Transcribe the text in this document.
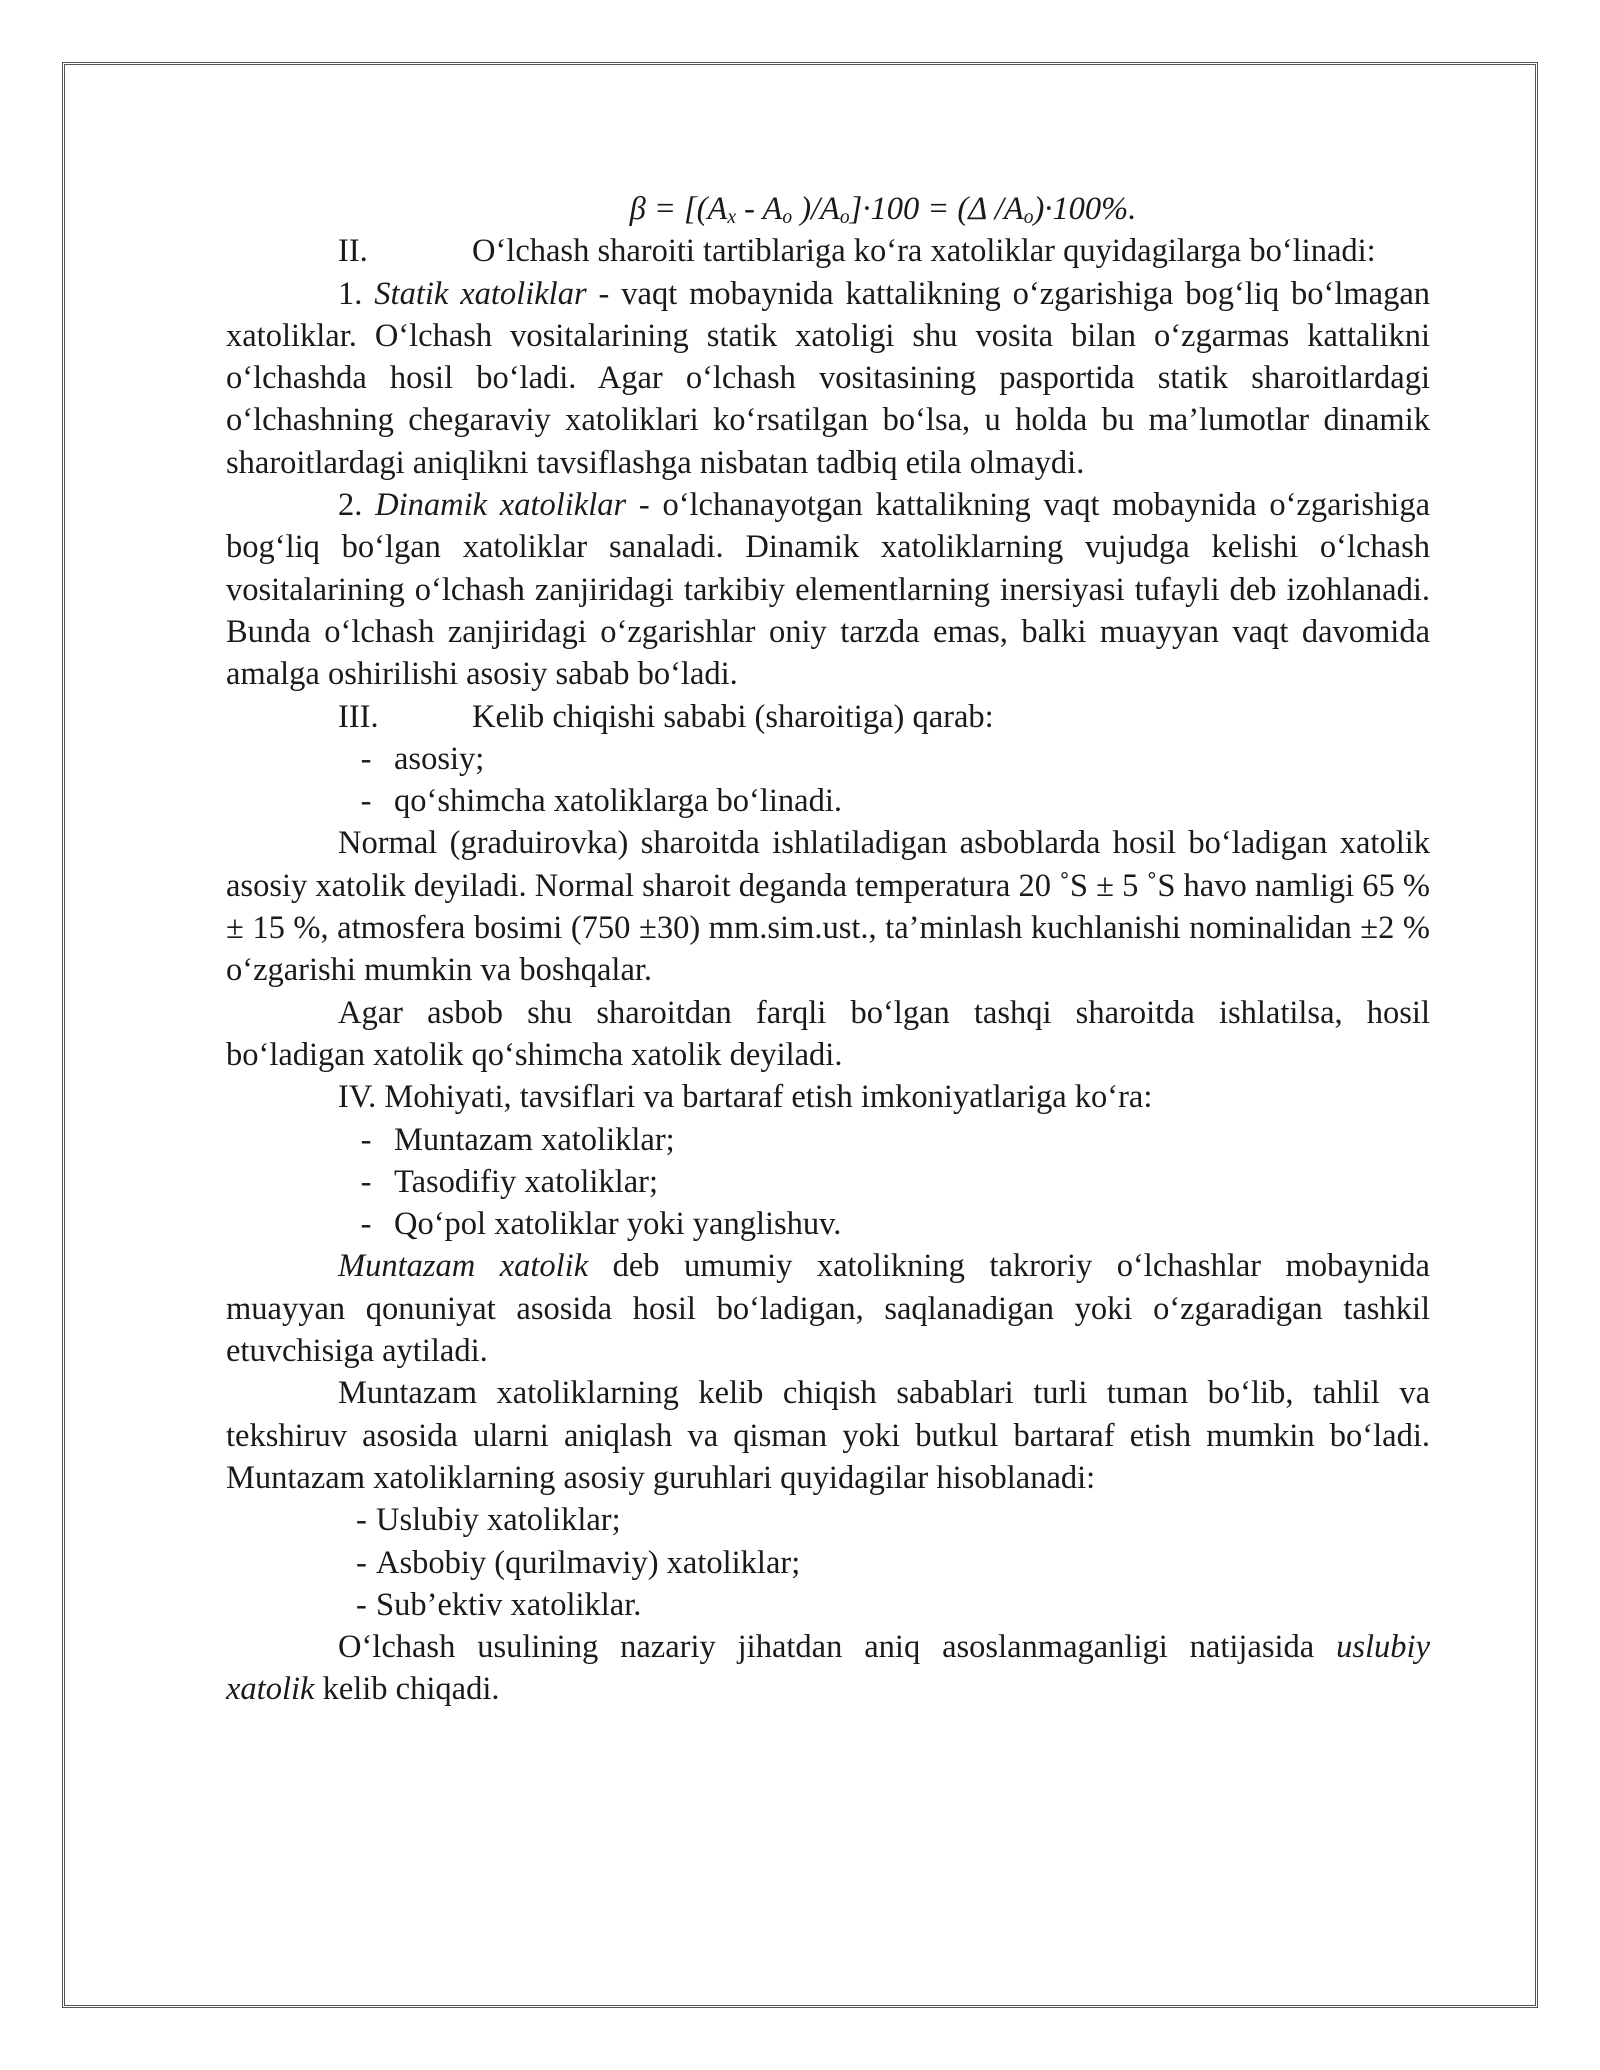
$\beta = [(A_x - A_o$ )$/A_o]\cdot 100 = (\Delta$ $/A_o)\cdot 100\%$.

II.	O‘lchash sharoiti tartiblariga ko‘ra xatoliklar quyidagilarga bo‘linadi:

1. Statik xatoliklar - vaqt mobaynida kattalikning o‘zgarishiga bog‘liq bo‘lmagan xatoliklar. O‘lchash vositalarining statik xatoligi shu vosita bilan o‘zgarmas kattalikni o‘lchashda hosil bo‘ladi. Agar o‘lchash vositasining pasportida statik sharoitlardagi o‘lchashning chegaraviy xatoliklari ko‘rsatilgan bo‘lsa, u holda bu ma’lumotlar dinamik sharoitlardagi aniqlikni tavsiflashga nisbatan tadbiq etila olmaydi.

2. Dinamik xatoliklar - o‘lchanayotgan kattalikning vaqt mobaynida o‘zgarishiga bog‘liq bo‘lgan xatoliklar sanaladi. Dinamik xatoliklarning vujudga kelishi o‘lchash vositalarining o‘lchash zanjiridagi tarkibiy elementlarning inersiyasi tufayli deb izohlanadi. Bunda o‘lchash zanjiridagi o‘zgarishlar oniy tarzda emas, balki muayyan vaqt davomida amalga oshirilishi asosiy sabab bo‘ladi.

III.	Kelib chiqishi sababi (sharoitiga) qarab:

- asosiy;

- qo‘shimcha xatoliklarga bo‘linadi.

Normal (graduirovka) sharoitda ishlatiladigan asboblarda hosil bo‘ladigan xatolik asosiy xatolik deyiladi. Normal sharoit deganda temperatura 20 ˚S ± 5 ˚S havo namligi 65 % ± 15 %, atmosfera bosimi (750 ±30) mm.sim.ust., ta’minlash kuchlanishi nominalidan ±2 % o‘zgarishi mumkin va boshqalar.

Agar asbob shu sharoitdan farqli bo‘lgan tashqi sharoitda ishlatilsa, hosil bo‘ladigan xatolik qo‘shimcha xatolik deyiladi.

IV. Mohiyati, tavsiflari va bartaraf etish imkoniyatlariga ko‘ra:

- Muntazam xatoliklar;

- Tasodifiy xatoliklar;

- Qo‘pol xatoliklar yoki yanglishuv.

Muntazam xatolik deb umumiy xatolikning takroriy o‘lchashlar mobaynida muayyan qonuniyat asosida hosil bo‘ladigan, saqlanadigan yoki o‘zgaradigan tashkil etuvchisiga aytiladi.

Muntazam xatoliklarning kelib chiqish sabablari turli tuman bo‘lib, tahlil va tekshiruv asosida ularni aniqlash va qisman yoki butkul bartaraf etish mumkin bo‘ladi. Muntazam xatoliklarning asosiy guruhlari quyidagilar hisoblanadi:

- Uslubiy xatoliklar;

- Asbobiy (qurilmaviy) xatoliklar;

- Sub’ektiv xatoliklar.

O‘lchash usulining nazariy jihatdan aniq asoslanmaganligi natijasida uslubiy xatolik kelib chiqadi.
